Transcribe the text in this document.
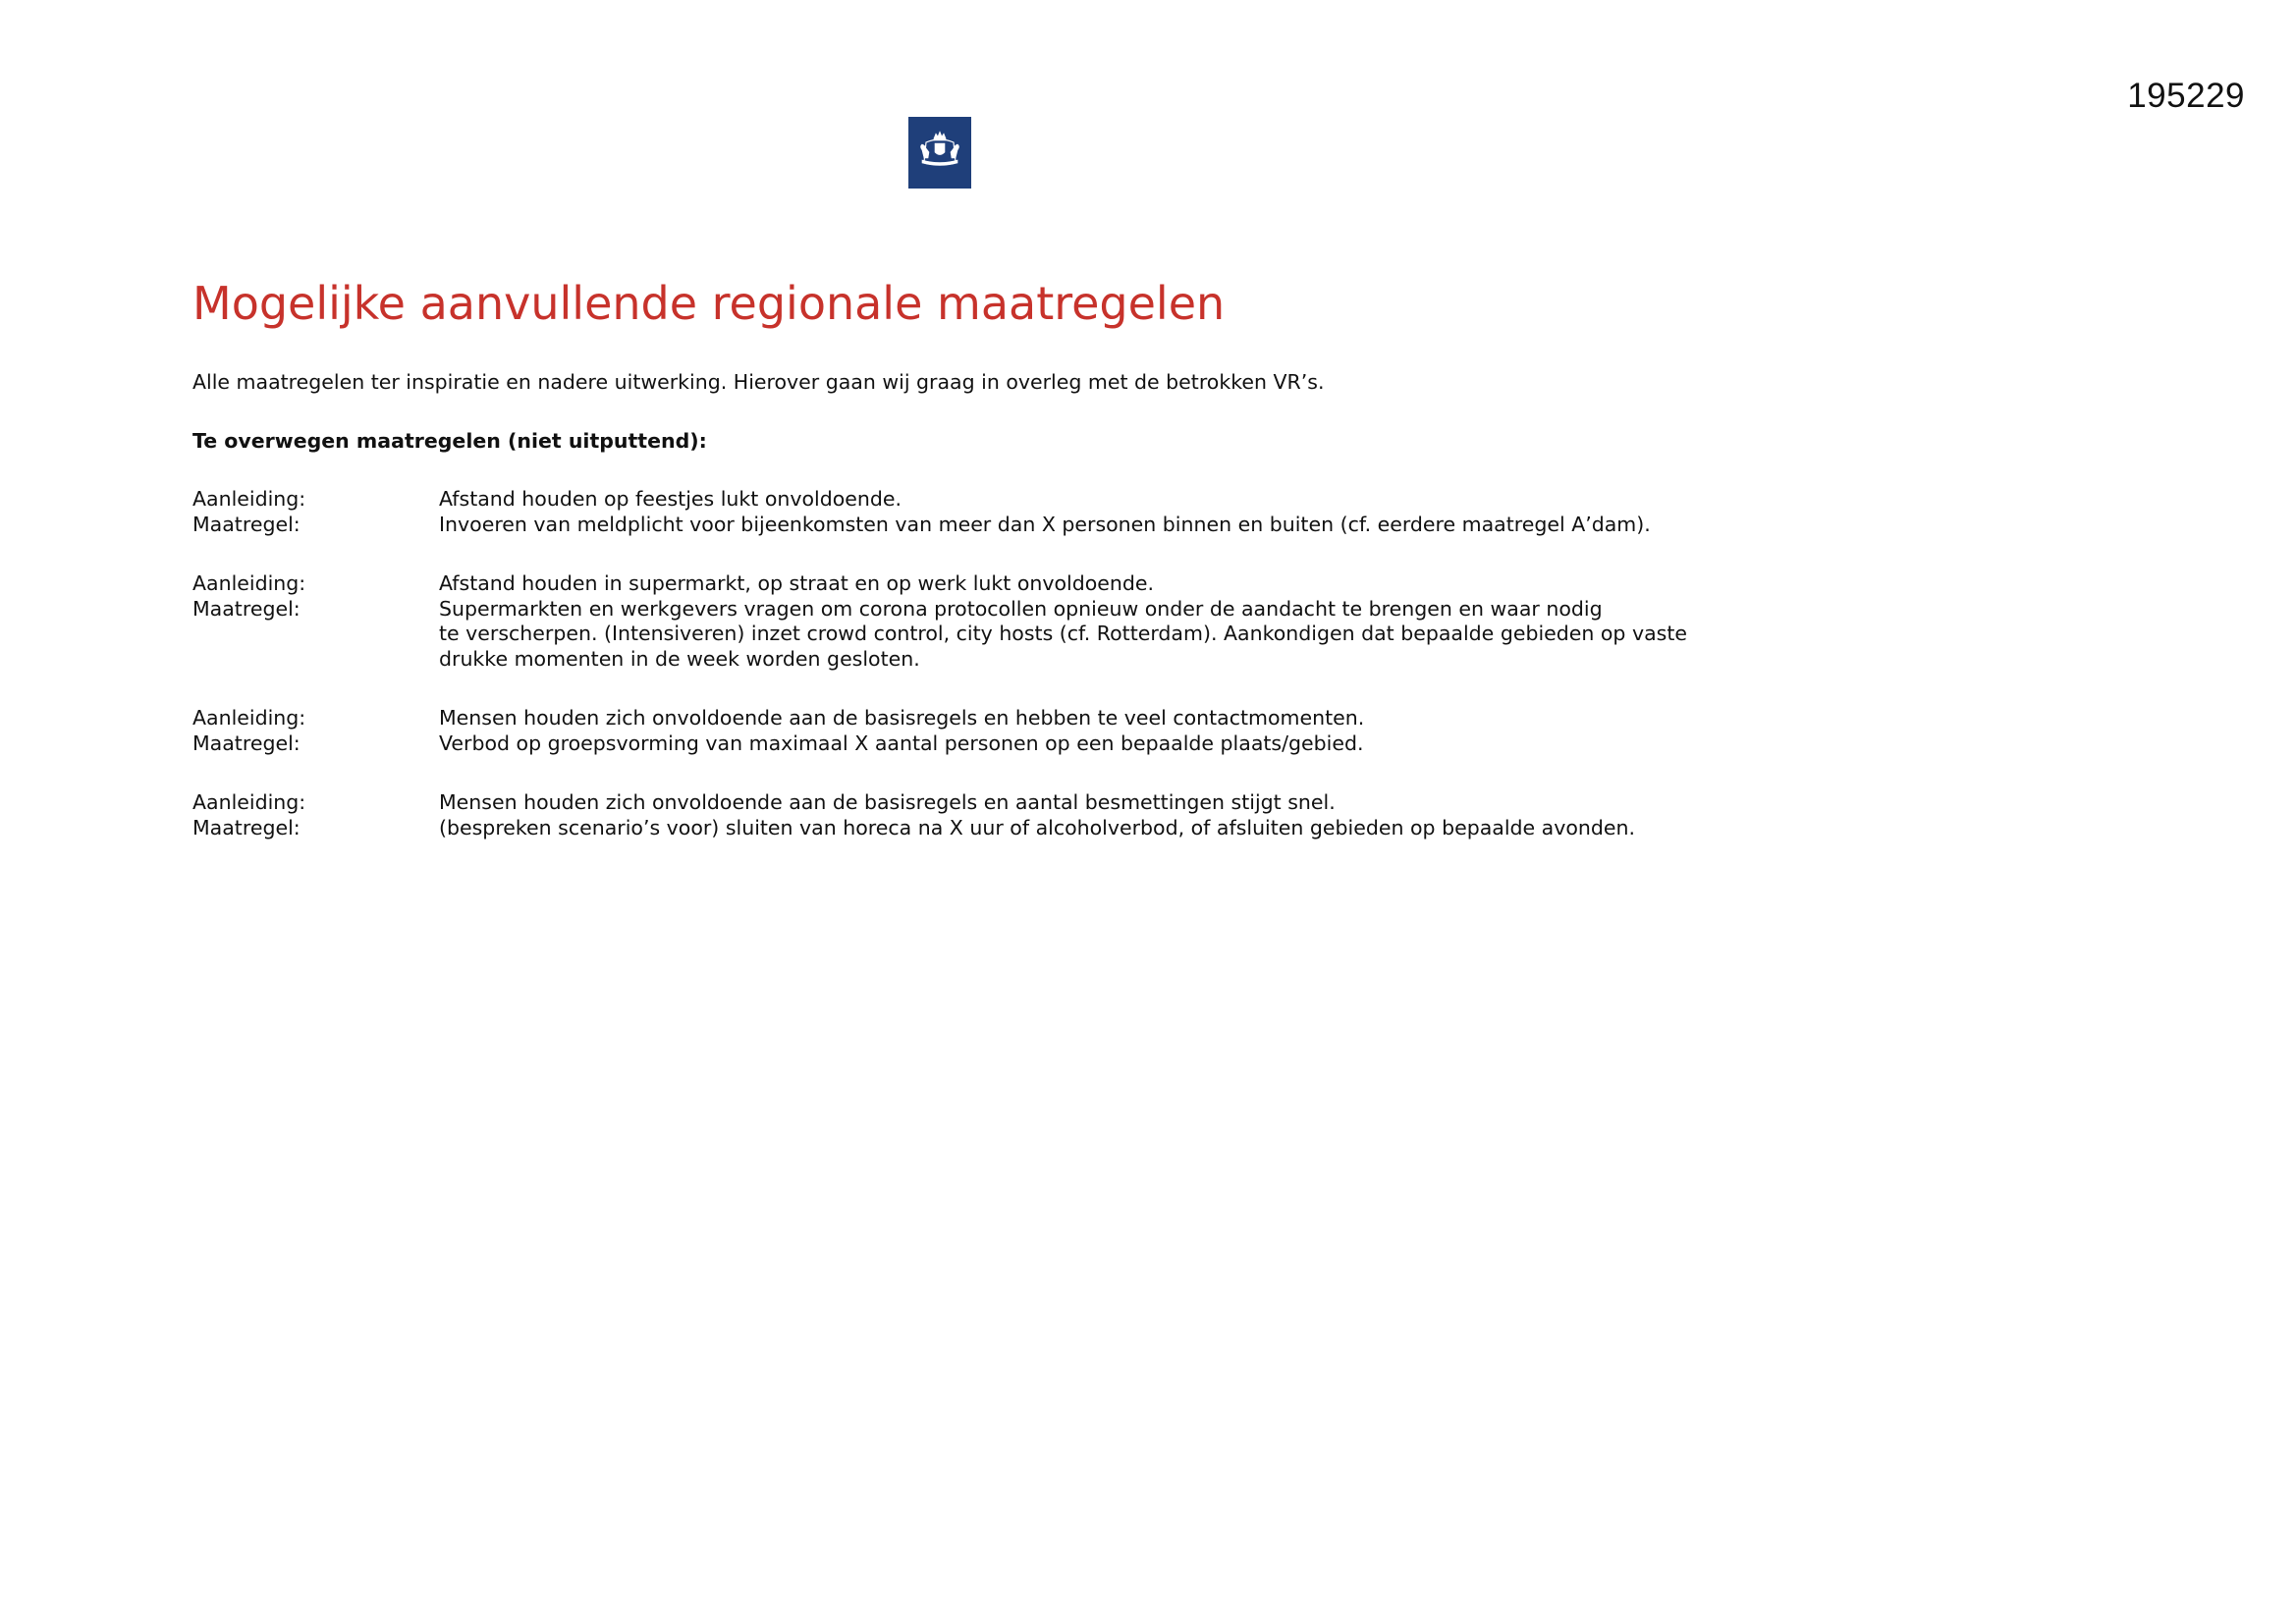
195229
Mogelijke aanvullende regionale maatregelen

Alle maatregelen ter inspiratie en nadere uitwerking. Hierover gaan wij graag in overleg met de betrokken VR’s.

Te overwegen maatregelen (niet uitputtend):

Aanleiding:	Afstand houden op feestjes lukt onvoldoende.
Maatregel:	Invoeren van meldplicht voor bijeenkomsten van meer dan X personen binnen en buiten (cf. eerdere maatregel A’dam).
Aanleiding:	Afstand houden in supermarkt, op straat en op werk lukt onvoldoende.
Maatregel:	Supermarkten en werkgevers vragen om corona protocollen opnieuw onder de aandacht te brengen en waar nodig
te verscherpen. (Intensiveren) inzet crowd control, city hosts (cf. Rotterdam). Aankondigen dat bepaalde gebieden op vaste
drukke momenten in de week worden gesloten.
Aanleiding:	Mensen houden zich onvoldoende aan de basisregels en hebben te veel contactmomenten.
Maatregel:	Verbod op groepsvorming van maximaal X aantal personen op een bepaalde plaats/gebied.
Aanleiding:	Mensen houden zich onvoldoende aan de basisregels en aantal besmettingen stijgt snel.
Maatregel:	(bespreken scenario’s voor) sluiten van horeca na X uur of alcoholverbod, of afsluiten gebieden op bepaalde avonden.
